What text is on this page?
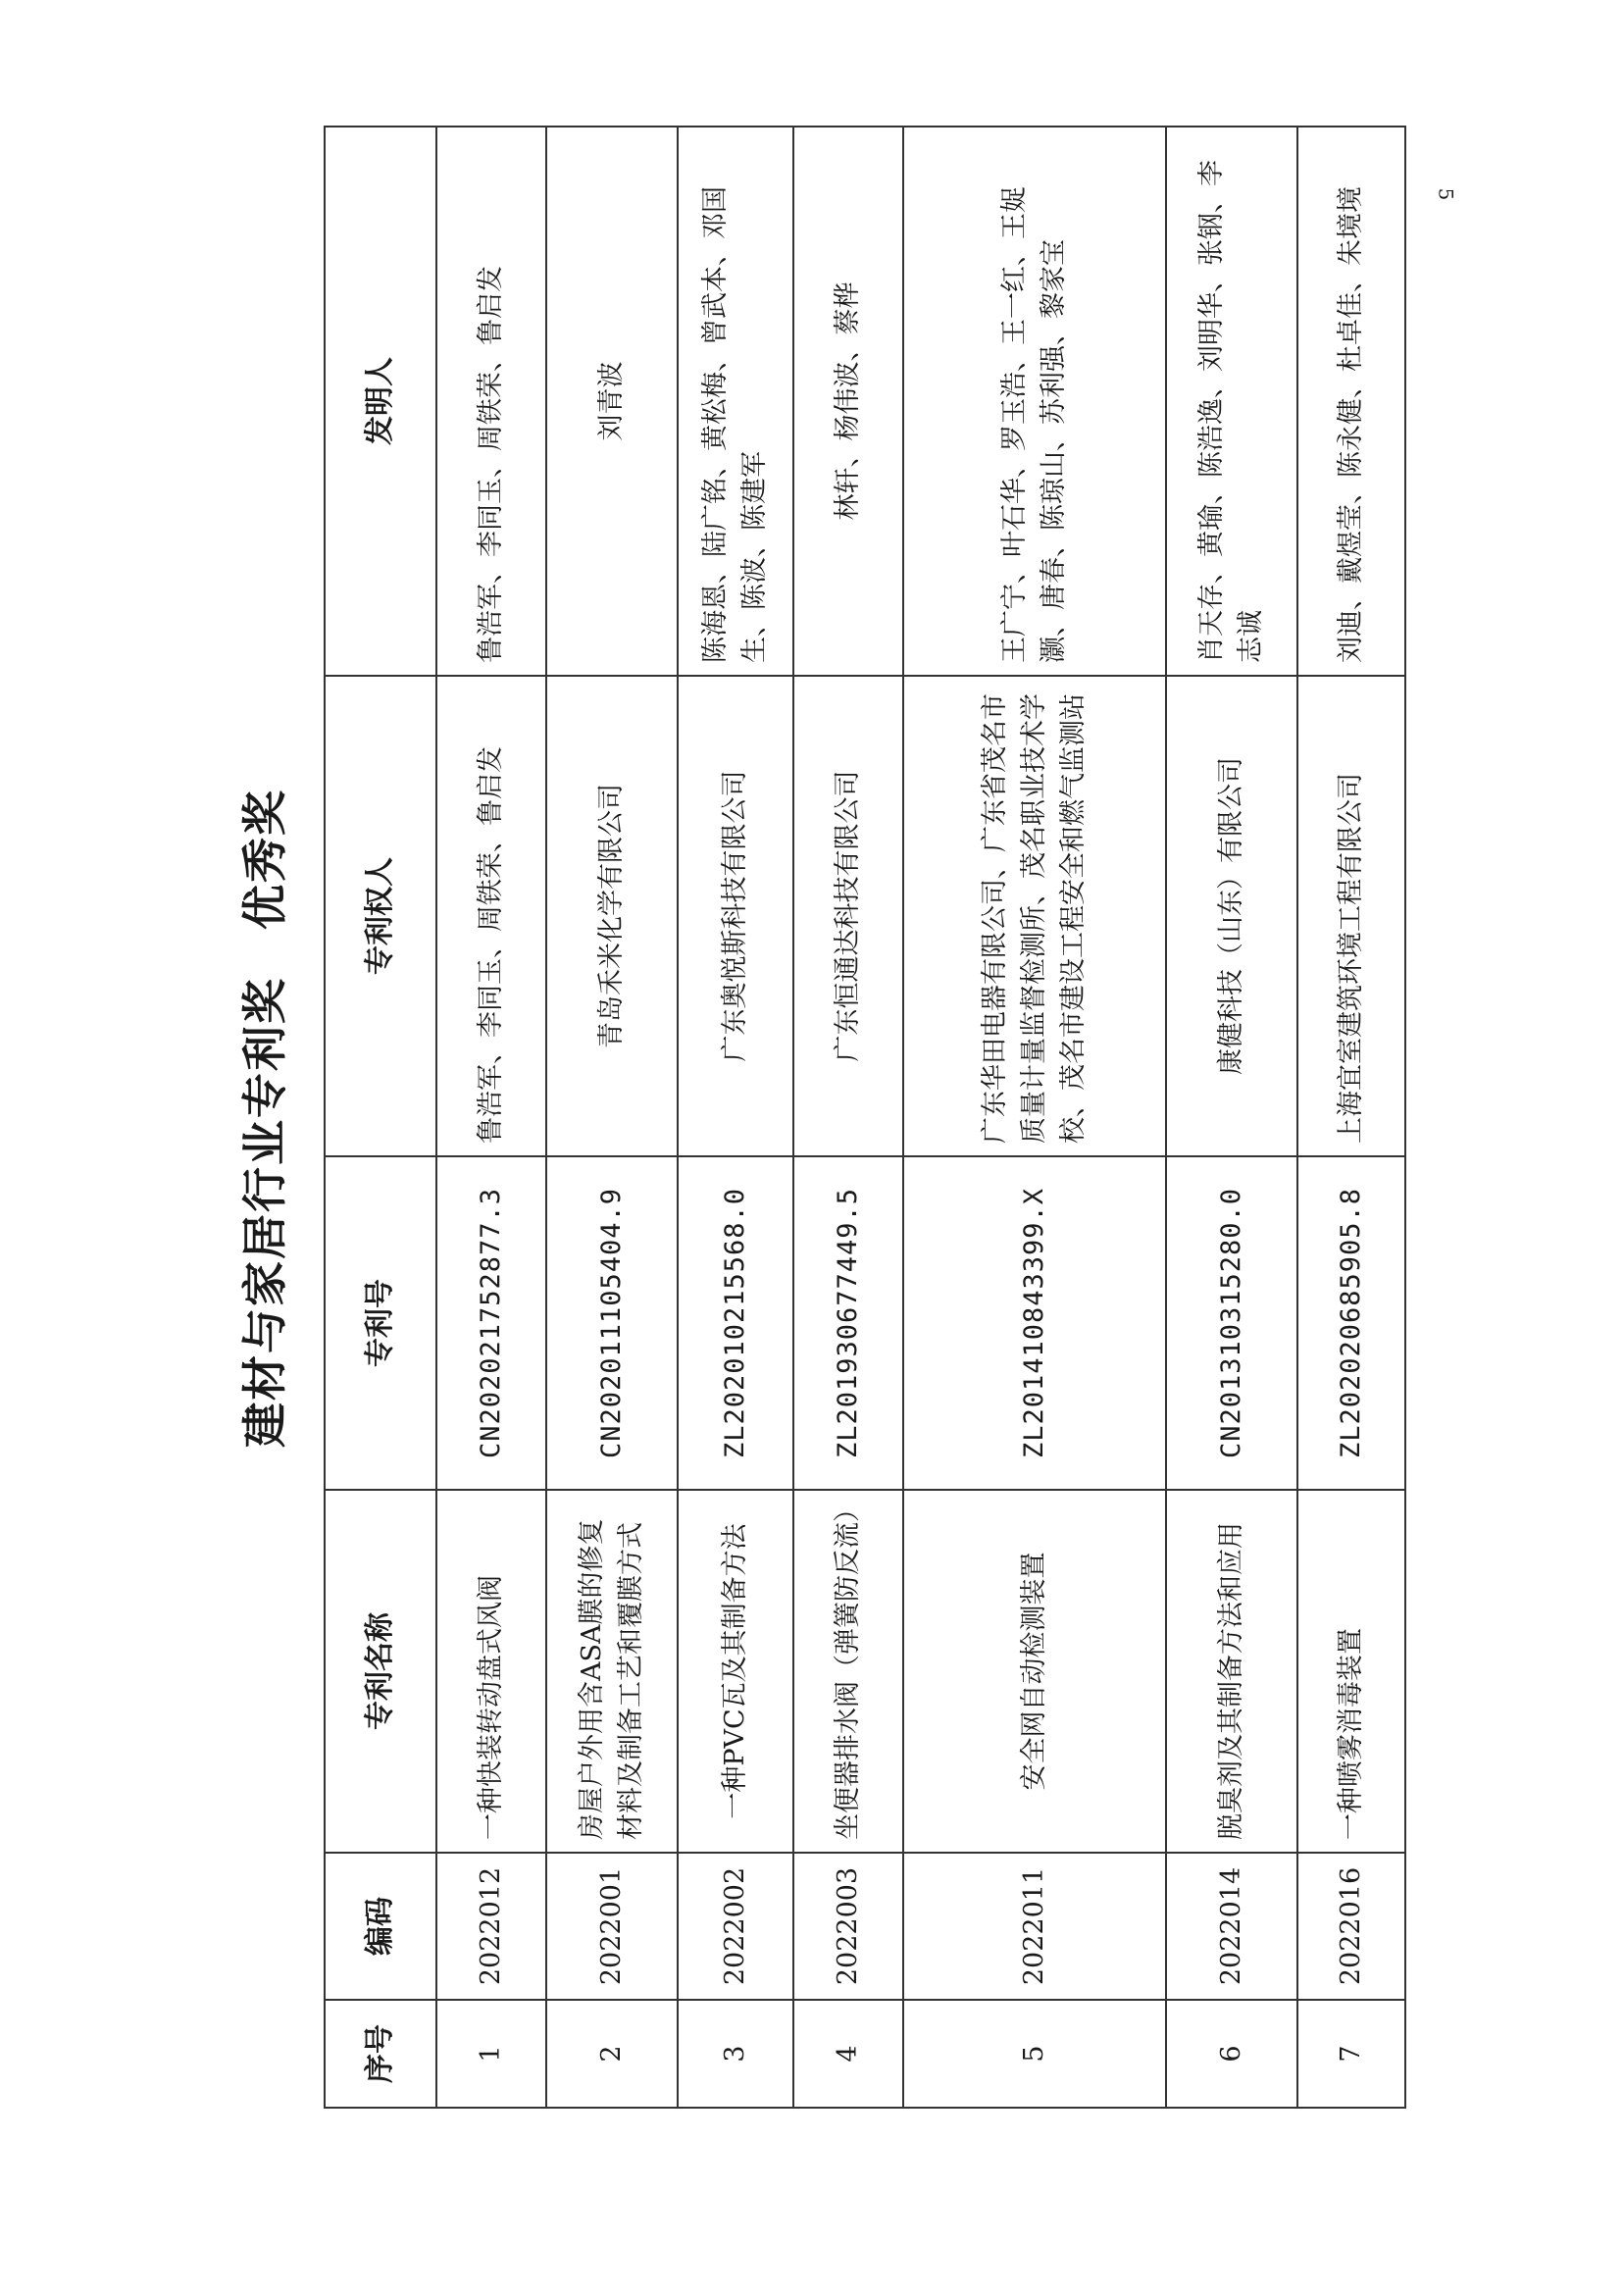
5
建材与家居行业专利奖　优秀奖
序号	编码	专利名称	专利号	专利权人	发明人
1	2022012	一种快装转动盘式风阀	CN202021752877.3	鲁浩军、李同玉、周铁荣、鲁启发	鲁浩军、李同玉、周铁荣、鲁启发
2	2022001	房屋户外用含ASA膜的修复材料及制备工艺和覆膜方式	CN202011105404.9	青岛禾米化学有限公司	刘青波
3	2022002	一种PVC瓦及其制备方法	ZL202010215568.0	广东奥悦斯科技有限公司	陈海恩、陆广铭、黄松梅、曾武本、邓国生、陈波、陈建军
4	2022003	坐便器排水阀（弹簧防反流）	ZL201930677449.5	广东恒通达科技有限公司	林轩、杨伟波、蔡桦
5	2022011	安全网自动检测装置	ZL201410843399.X	广东华田电器有限公司、广东省茂名市质量计量监督检测所、茂名职业技术学校、茂名市建设工程安全和燃气监测站	王广宁、叶石华、罗玉浩、王一红、王娖灏、唐春、陈琼山、苏利强、黎家宝
6	2022014	脱臭剂及其制备方法和应用	CN201310315280.0	康健科技（山东）有限公司	肖天存、黄瑜、陈浩逸、刘明华、张钢、李志诚
7	2022016	一种喷雾消毒装置	ZL202020685905.8	上海宜室建筑环境工程有限公司	刘迪、戴煜莹、陈永健、杜卓佳、朱境境
